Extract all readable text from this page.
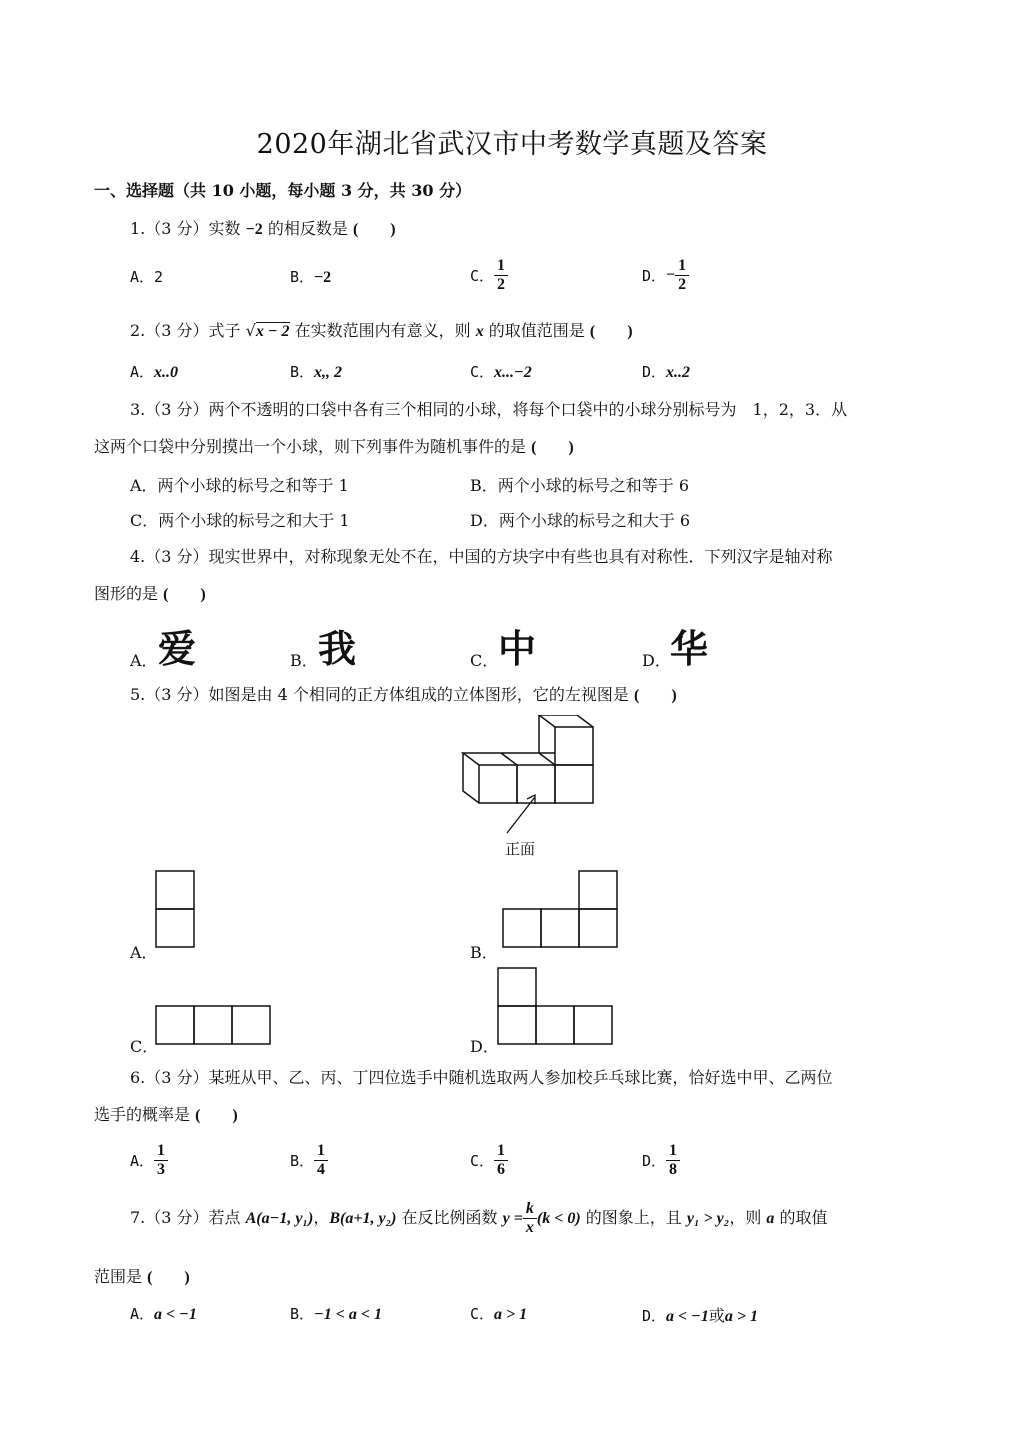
2020年湖北省武汉市中考数学真题及答案
一、选择题（共 10 小题，每小题 3 分，共 30 分）
1.（3 分）实数 −2 的相反数是 (　　)
A．2	B．−2	C． $\frac{1}{2}$	D．− $\frac{1}{2}$
2.（3 分）式子 √x − 2 在实数范围内有意义，则 x 的取值范围是 (　　)
A．x..0	B．x,, 2	C．x...−2	D．x..2
3.（3 分）两个不透明的口袋中各有三个相同的小球，将每个口袋中的小球分别标号为　1，2，3．从
这两个口袋中分别摸出一个小球，则下列事件为随机事件的是 (　　)
A．两个小球的标号之和等于 1	B．两个小球的标号之和等于 6
C．两个小球的标号之和大于 1	D．两个小球的标号之和大于 6
4.（3 分）现实世界中，对称现象无处不在，中国的方块字中有些也具有对称性．下列汉字是轴对称
图形的是 (　　)
A． 爱	B． 我	C． 中	D． 华
5.（3 分）如图是由 4 个相同的正方体组成的立体图形，它的左视图是 (　　)
正面
A．	B．
C．	D．
6.（3 分）某班从甲、乙、丙、丁四位选手中随机选取两人参加校乒乓球比赛，恰好选中甲、乙两位
选手的概率是 (　　)
A． $\frac{1}{3}$	B． $\frac{1}{4}$	C． $\frac{1}{6}$	D． $\frac{1}{8}$
7.（3 分）若点 A(a−1, y₁)，B(a+1, y₂) 在反比例函数 $y = \frac{k}{x} (k < 0)$ 的图象上，且 y₁ > y₂，则 a 的取值
范围是 (　　)
A．a < −1	B．−1 < a < 1	C．a > 1	D．a < −1或a > 1
